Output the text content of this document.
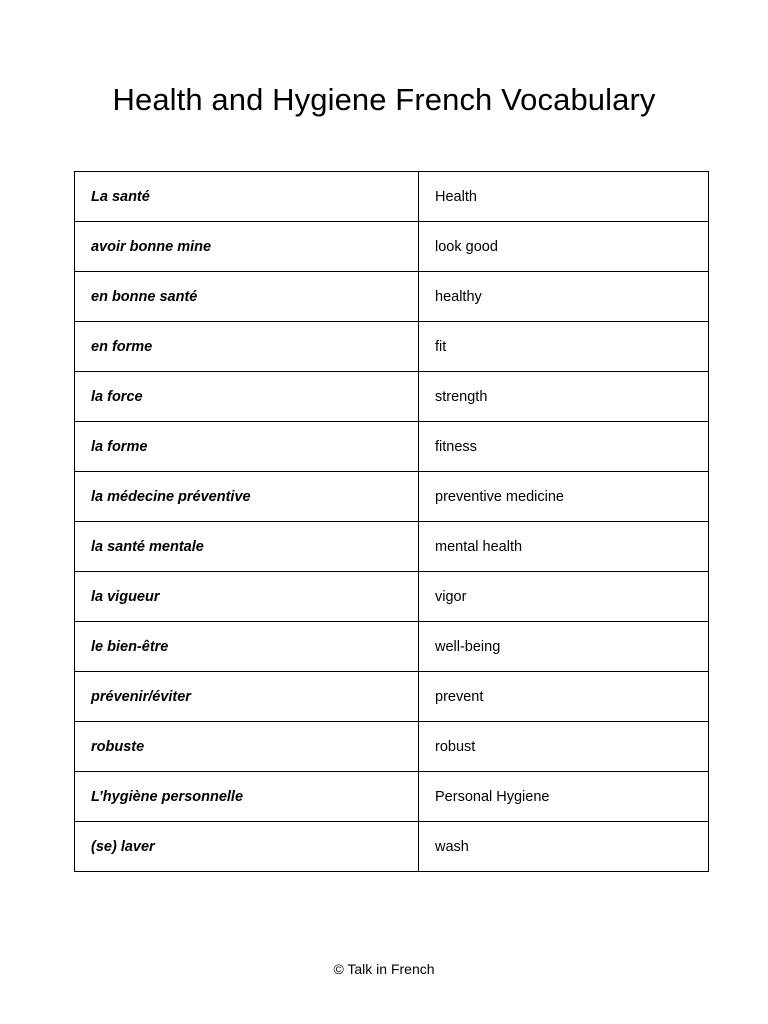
Health and Hygiene French Vocabulary
La santé	Health
avoir bonne mine	look good
en bonne santé	healthy
en forme	fit
la force	strength
la forme	fitness
la médecine préventive	preventive medicine
la santé mentale	mental health
la vigueur	vigor
le bien-être	well-being
prévenir/éviter	prevent
robuste	robust
L’hygiène personnelle	Personal Hygiene
(se) laver	wash
© Talk in French
